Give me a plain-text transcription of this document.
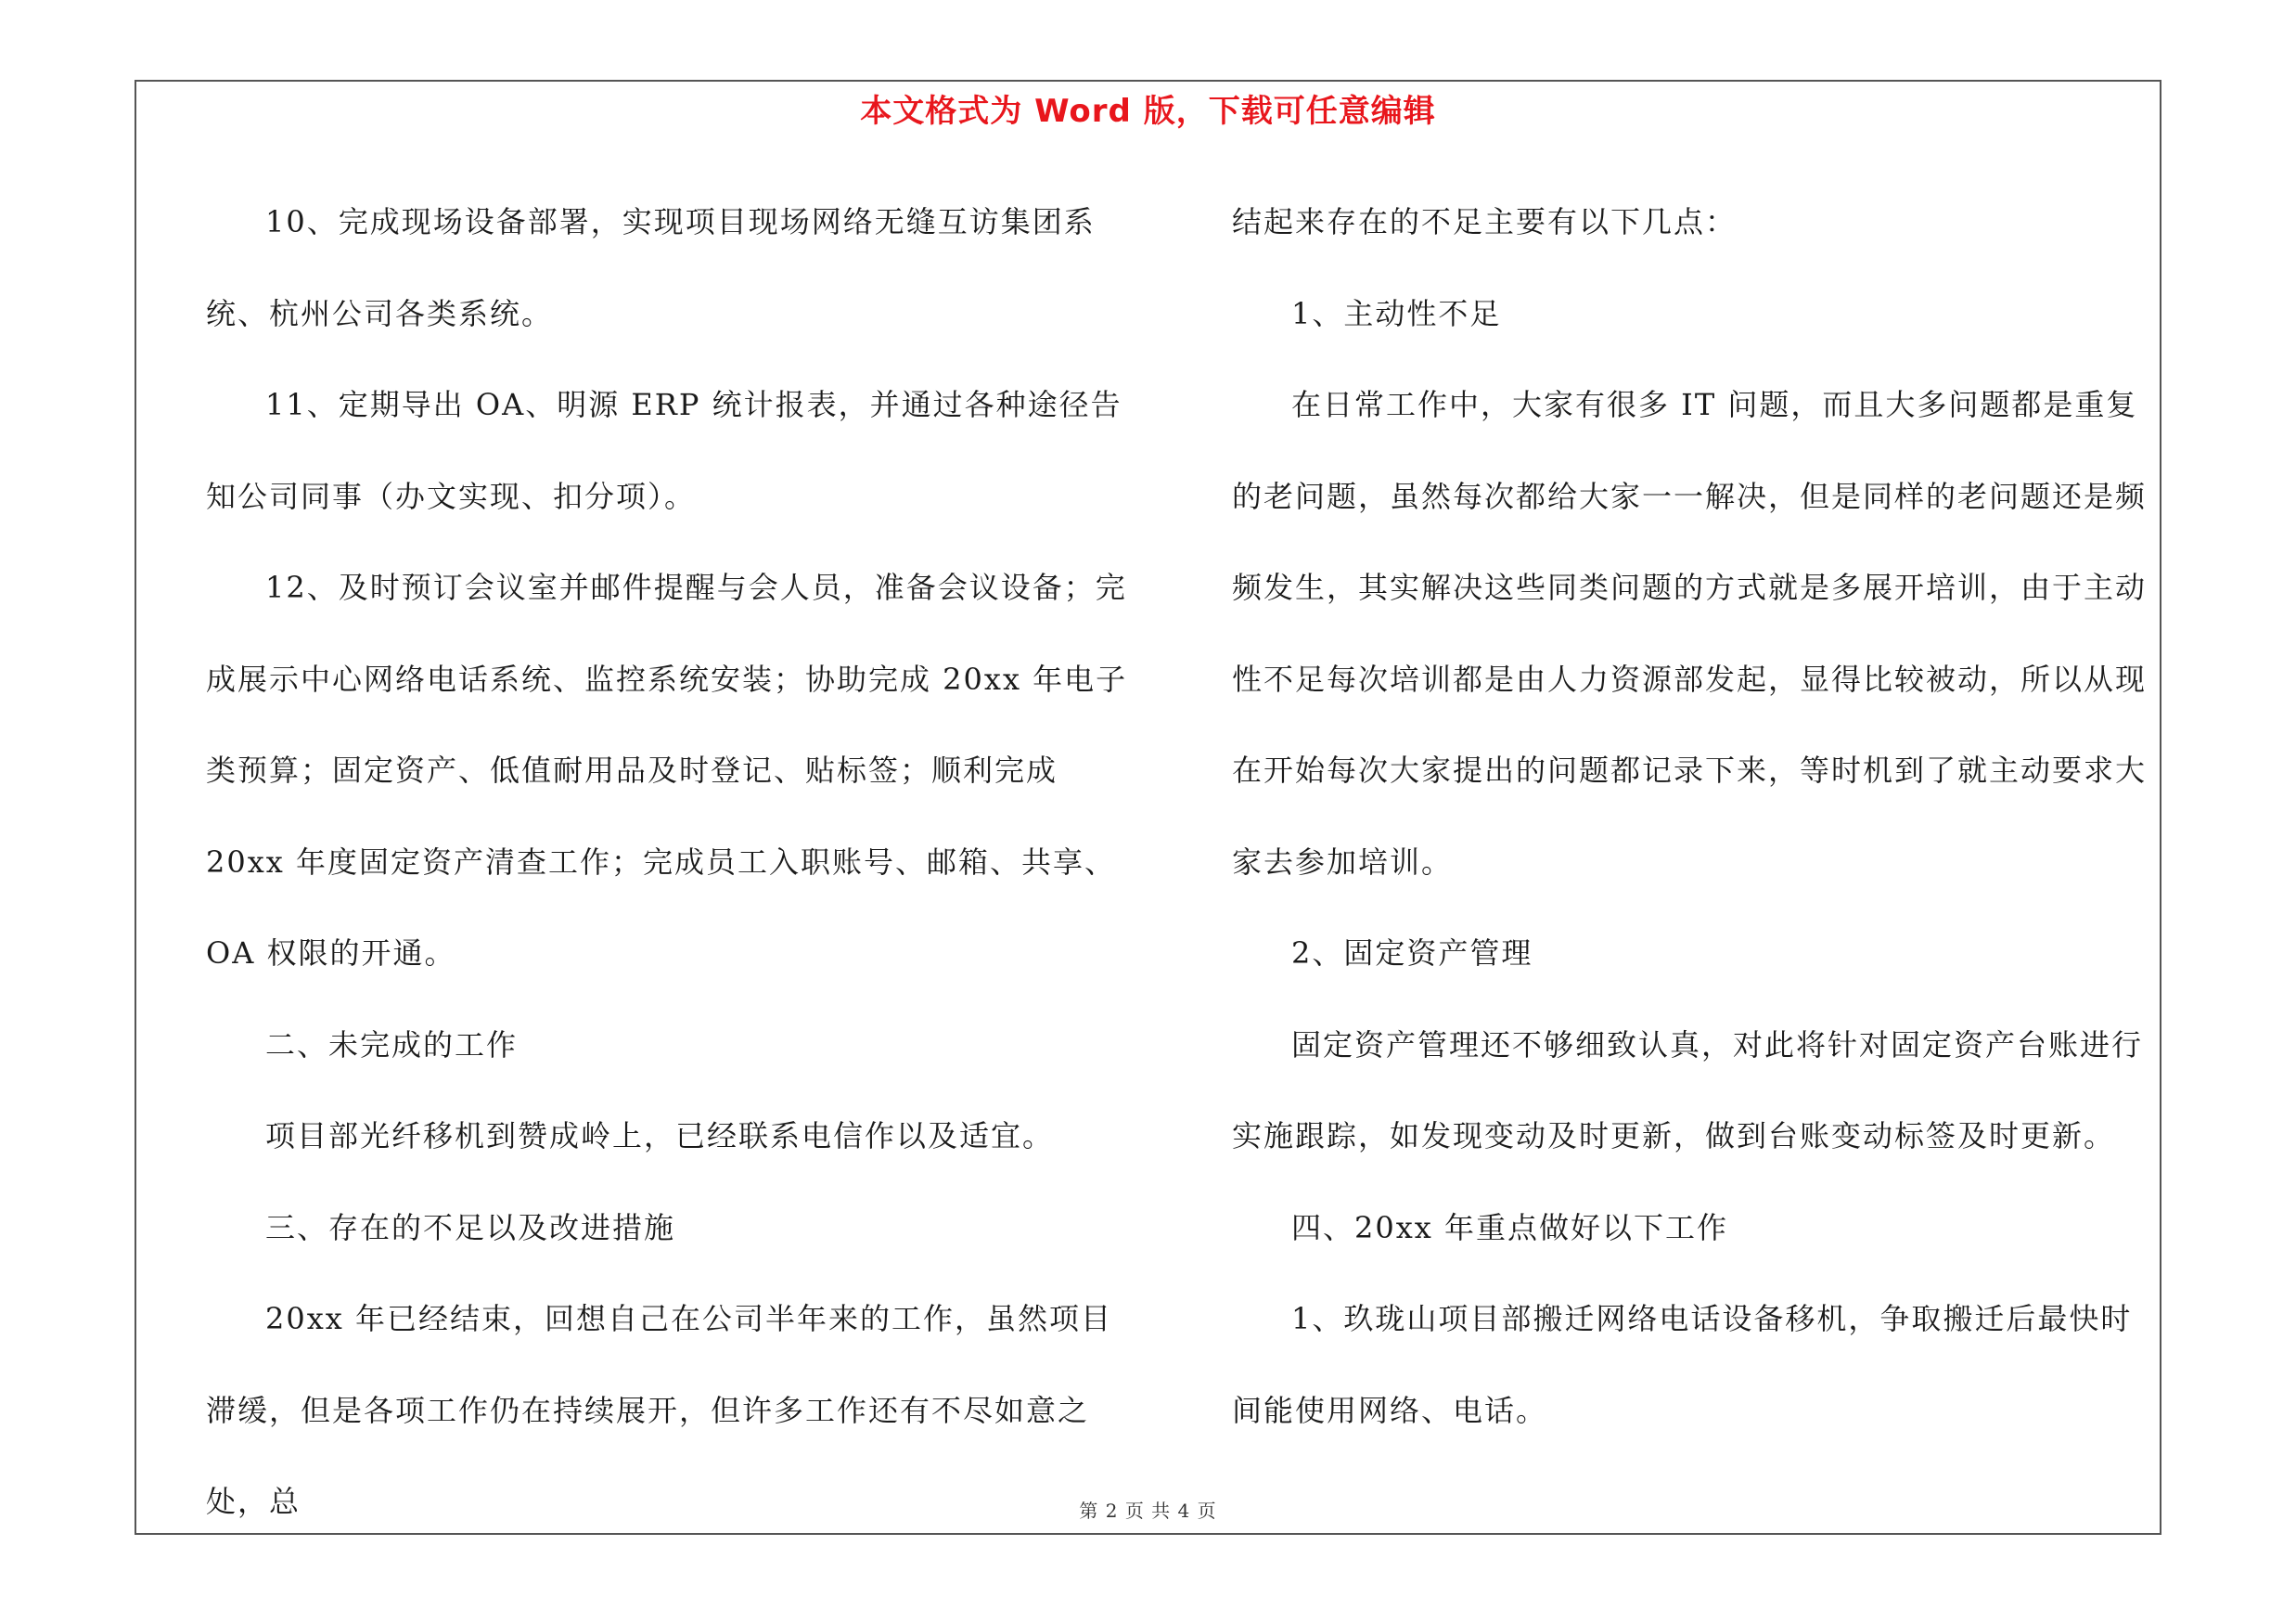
本文格式为 Word 版，下载可任意编辑

10、完成现场设备部署，实现项目现场网络无缝互访集团系统、杭州公司各类系统。

11、定期导出 OA、明源 ERP 统计报表，并通过各种途径告知公司同事（办文实现、扣分项）。

12、及时预订会议室并邮件提醒与会人员，准备会议设备；完成展示中心网络电话系统、监控系统安装；协助完成 20xx 年电子类预算；固定资产、低值耐用品及时登记、贴标签；顺利完成 20xx 年度固定资产清查工作；完成员工入职账号、邮箱、共享、OA 权限的开通。

二、未完成的工作

项目部光纤移机到赞成岭上，已经联系电信作以及适宜。

三、存在的不足以及改进措施

20xx 年已经结束，回想自己在公司半年来的工作，虽然项目滞缓，但是各项工作仍在持续展开，但许多工作还有不尽如意之处，总

结起来存在的不足主要有以下几点：

1、主动性不足

在日常工作中，大家有很多 IT 问题，而且大多问题都是重复的老问题，虽然每次都给大家一一解决，但是同样的老问题还是频频发生，其实解决这些同类问题的方式就是多展开培训，由于主动性不足每次培训都是由人力资源部发起，显得比较被动，所以从现在开始每次大家提出的问题都记录下来，等时机到了就主动要求大家去参加培训。

2、固定资产管理

固定资产管理还不够细致认真，对此将针对固定资产台账进行实施跟踪，如发现变动及时更新，做到台账变动标签及时更新。

四、20xx 年重点做好以下工作

1、玖珑山项目部搬迁网络电话设备移机，争取搬迁后最快时间能使用网络、电话。

第 2 页 共 4 页
